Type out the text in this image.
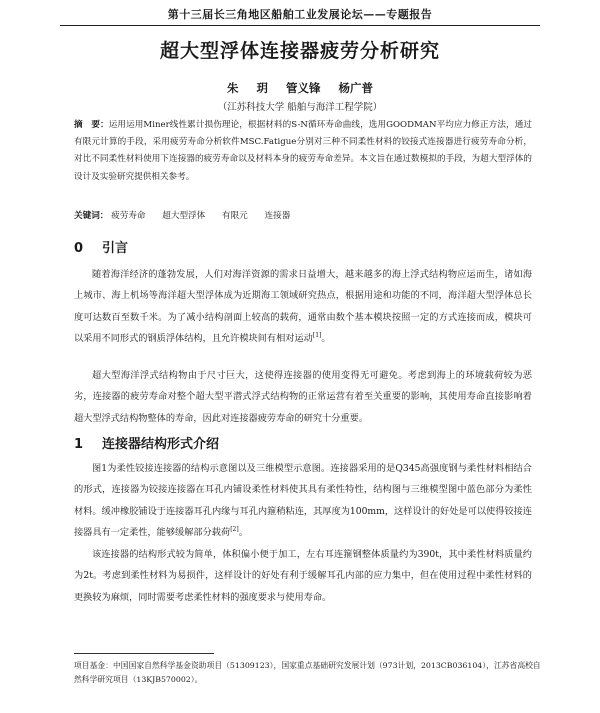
第十三届长三角地区船舶工业发展论坛——专题报告
超大型浮体连接器疲劳分析研究
朱 玥 管义锋 杨广普
（江苏科技大学 船舶与海洋工程学院）
摘　要：运用运用Miner线性累计损伤理论，根据材料的S-N循环寿命曲线，选用GOODMAN平均应力修正方法，通过有限元计算的手段，采用疲劳寿命分析软件MSC.Fatigue分别对三种不同柔性材料的铰接式连接器进行疲劳寿命分析，对比不同柔性材料使用下连接器的疲劳寿命以及材料本身的疲劳寿命差异。本文旨在通过数模拟的手段，为超大型浮体的设计及实验研究提供相关参考。
关键词： 疲劳寿命 超大型浮体 有限元 连接器
0 引言

随着海洋经济的蓬勃发展，人们对海洋资源的需求日益增大，越来越多的海上浮式结构物应运而生，诸如海上城市、海上机场等海洋超大型浮体成为近期海工领域研究热点，根据用途和功能的不同，海洋超大型浮体总长度可达数百至数千米。为了减小结构剖面上较高的载荷，通常由数个基本模块按照一定的方式连接而成，模块可以采用不同形式的钢质浮体结构，且允许模块间有相对运动[1]。

超大型海洋浮式结构物由于尺寸巨大，这使得连接器的使用变得无可避免。考虑到海上的环境载荷较为恶劣，连接器的疲劳寿命对整个超大型平潜式浮式结构物的正常运营有着至关重要的影响，其使用寿命直接影响着超大型浮式结构物整体的寿命，因此对连接器疲劳寿命的研究十分重要。

1 连接器结构形式介绍

图1为柔性铰接连接器的结构示意图以及三维模型示意图。连接器采用的是Q345高强度钢与柔性材料相结合的形式，连接器为铰接连接器在耳孔内铺设柔性材料使其具有柔性特性，结构图与三维模型图中蓝色部分为柔性材料。缓冲橡胶铺设于连接器耳孔内缘与耳孔内箍稍粘连，其厚度为100mm，这样设计的好处是可以使得铰接连接器具有一定柔性，能够缓解部分载荷[2]。

该连接器的结构形式较为简单，体积偏小便于加工，左右耳连箍钢整体质量约为390t，其中柔性材料质量约为2t。考虑到柔性材料为易损件，这样设计的好处有利于缓解耳孔内部的应力集中，但在使用过程中柔性材料的更换较为麻烦，同时需要考虑柔性材料的强度要求与使用寿命。

项目基金：中国国家自然科学基金资助项目（51309123），国家重点基础研究发展计划（973计划，2013CB036104），江苏省高校自然科学研究项目（13KJB570002）。
